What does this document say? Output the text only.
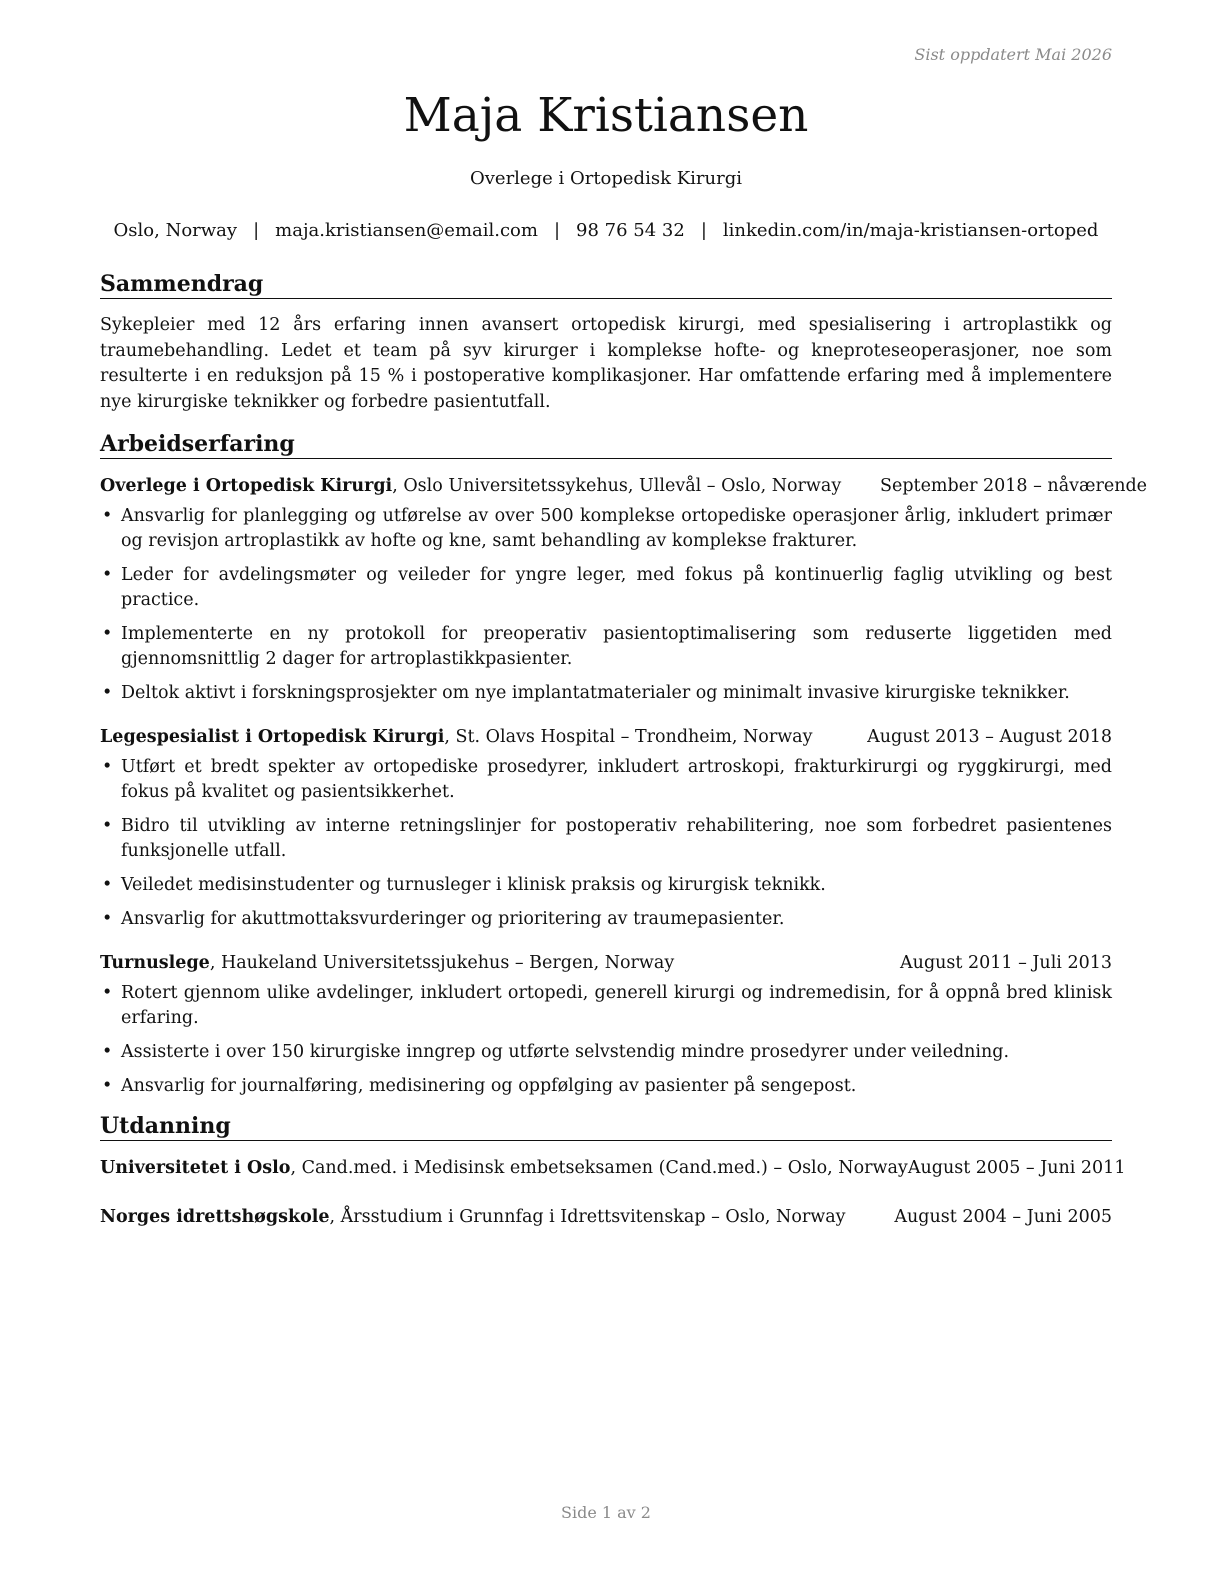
Sist oppdatert Mai 2026
Maja Kristiansen
Overlege i Ortopedisk Kirurgi
Oslo, Norway | maja.kristiansen@email.com | 98 76 54 32 | linkedin.com/in/maja-kristiansen-ortoped
Sammendrag
Sykepleier med 12 års erfaring innen avansert ortopedisk kirurgi, med spesialisering i artroplastikk og traumebehandling. Ledet et team på syv kirurger i komplekse hofte- og kneproteseoperasjoner, noe som resulterte i en reduksjon på 15 % i postoperative komplikasjoner. Har omfattende erfaring med å implementere nye kirurgiske teknikker og forbedre pasientutfall.
Arbeidserfaring
Overlege i Ortopedisk Kirurgi, Oslo Universitetssykehus, Ullevål – Oslo, Norway September 2018 – nåværende
• Ansvarlig for planlegging og utførelse av over 500 komplekse ortopediske operasjoner årlig, inkludert primær og revisjon artroplastikk av hofte og kne, samt behandling av komplekse frakturer.
• Leder for avdelingsmøter og veileder for yngre leger, med fokus på kontinuerlig faglig utvikling og best practice.
• Implementerte en ny protokoll for preoperativ pasientoptimalisering som reduserte liggetiden med gjennomsnittlig 2 dager for artroplastikkpasienter.
• Deltok aktivt i forskningsprosjekter om nye implantatmaterialer og minimalt invasive kirurgiske teknikker.
Legespesialist i Ortopedisk Kirurgi, St. Olavs Hospital – Trondheim, Norway	August 2013 – August 2018
• Utført et bredt spekter av ortopediske prosedyrer, inkludert artroskopi, frakturkirurgi og ryggkirurgi, med fokus på kvalitet og pasientsikkerhet.
• Bidro til utvikling av interne retningslinjer for postoperativ rehabilitering, noe som forbedret pasientenes funksjonelle utfall.
• Veiledet medisinstudenter og turnusleger i klinisk praksis og kirurgisk teknikk.
• Ansvarlig for akuttmottaksvurderinger og prioritering av traumepasienter.
Turnuslege, Haukeland Universitetssjukehus – Bergen, Norway	August 2011 – Juli 2013
• Rotert gjennom ulike avdelinger, inkludert ortopedi, generell kirurgi og indremedisin, for å oppnå bred klinisk erfaring.
• Assisterte i over 150 kirurgiske inngrep og utførte selvstendig mindre prosedyrer under veiledning.
• Ansvarlig for journalføring, medisinering og oppfølging av pasienter på sengepost.
Utdanning
Universitetet i Oslo, Cand.med. i Medisinsk embetseksamen (Cand.med.) – Oslo, Norway August 2005 – Juni 2011
Norges idrettshøgskole, Årsstudium i Grunnfag i Idrettsvitenskap – Oslo, Norway	August 2004 – Juni 2005
Side 1 av 2
